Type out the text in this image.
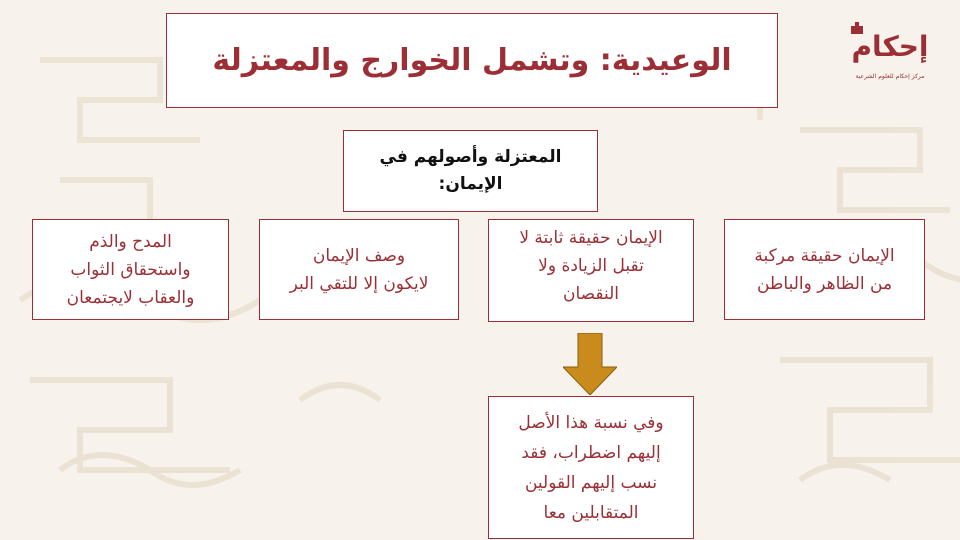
إحكام
مركز إحكام للعلوم الشرعية
الوعيدية: وتشمل الخوارج والمعتزلة
المعتزلة وأصولهم في
الإيمان:
الإيمان حقيقة مركبة
من الظاهر والباطن
الإيمان حقيقة ثابتة لا
تقبل الزيادة ولا
النقصان
وصف الإيمان
لايكون إلا للتقي البر
المدح والذم
واستحقاق الثواب
والعقاب لايجتمعان
وفي نسبة هذا الأصل
إليهم اضطراب، فقد
نسب إليهم القولين
المتقابلين معا
